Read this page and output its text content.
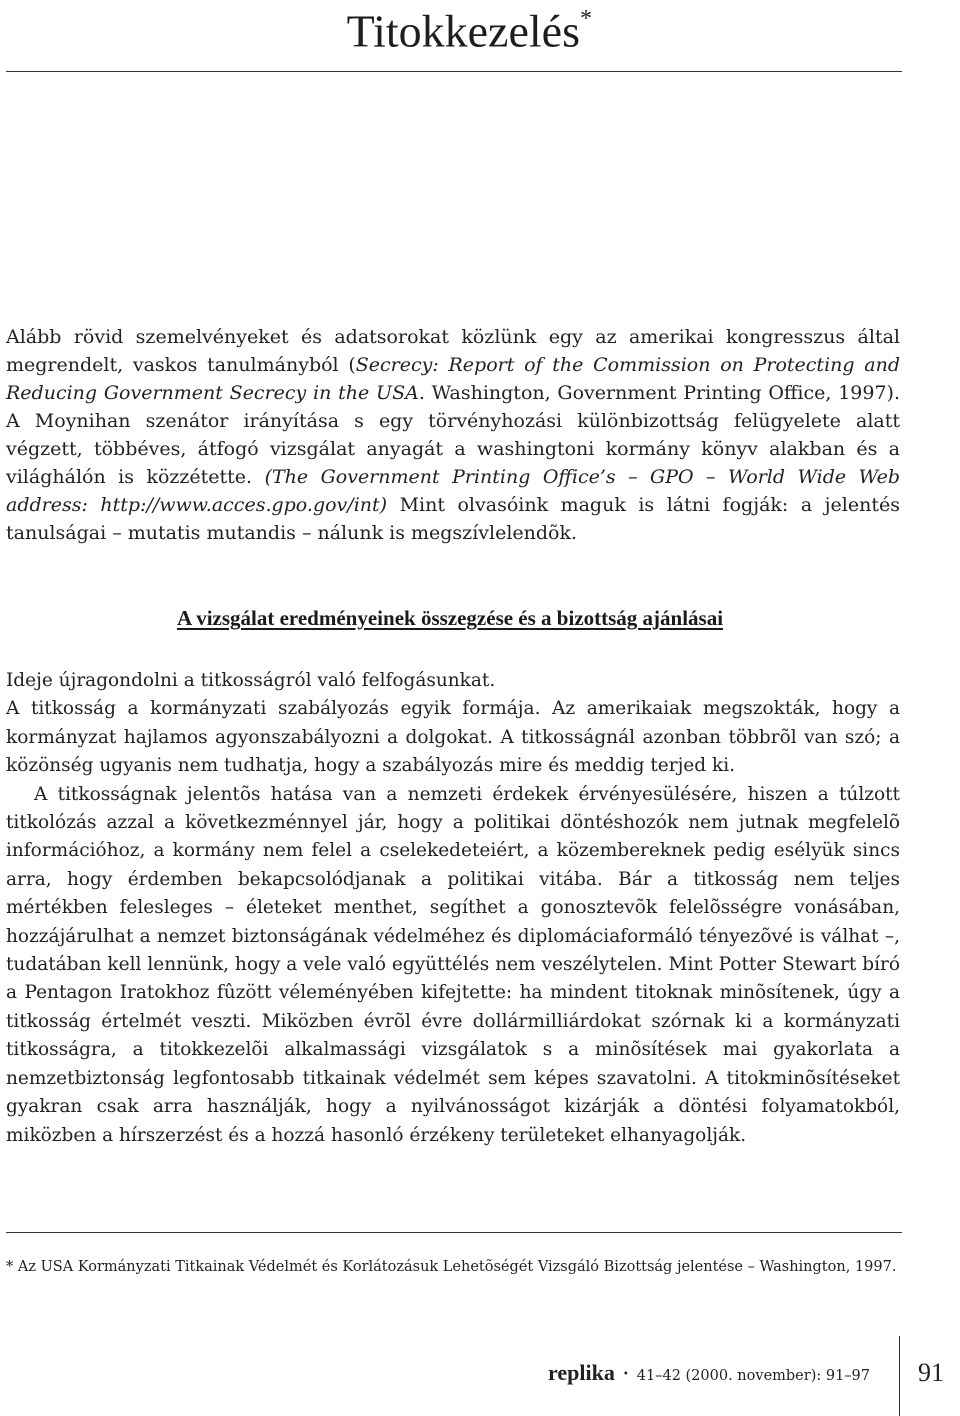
Titokkezelés*

Alább rövid szemelvényeket és adatsorokat közlünk egy az amerikai kongresszus által megrendelt, vaskos tanulmányból (Secrecy: Report of the Commission on Protecting and Reducing Government Secrecy in the USA. Washington, Government Printing Office, 1997). A Moynihan szenátor irányítása s egy törvényhozási különbizottság felügyelete alatt végzett, többéves, átfogó vizsgálat anyagát a washingtoni kormány könyv alakban és a világhálón is közzétette. (The Government Printing Office’s – GPO – World Wide Web address: http://www.acces.gpo.gov/int) Mint olvasóink maguk is látni fogják: a jelentés tanulságai – mutatis mutandis – nálunk is megszívlelendõk.

A vizsgálat eredményeinek összegzése és a bizottság ajánlásai

Ideje újragondolni a titkosságról való felfogásunkat.

A titkosság a kormányzati szabályozás egyik formája. Az amerikaiak megszokták, hogy a kormányzat hajlamos agyonszabályozni a dolgokat. A titkosságnál azonban többrõl van szó; a közönség ugyanis nem tudhatja, hogy a szabályozás mire és meddig terjed ki.

A titkosságnak jelentõs hatása van a nemzeti érdekek érvényesülésére, hiszen a túlzott titkolózás azzal a következménnyel jár, hogy a politikai döntéshozók nem jutnak megfelelõ információhoz, a kormány nem felel a cselekedeteiért, a közembereknek pedig esélyük sincs arra, hogy érdemben bekapcsolódjanak a politikai vitába. Bár a titkosság nem teljes mértékben felesleges – életeket menthet, segíthet a gonosztevõk felelõsségre vonásában, hozzájárulhat a nemzet biztonságának védelméhez és diplomáciaformáló tényezõvé is válhat –, tudatában kell lennünk, hogy a vele való együttélés nem veszélytelen. Mint Potter Stewart bíró a Pentagon Iratokhoz fûzött véleményében kifejtette: ha mindent titoknak minõsítenek, úgy a titkosság értelmét veszti. Miközben évrõl évre dollármilliárdokat szórnak ki a kormányzati titkosságra, a titokkezelõi alkalmassági vizsgálatok s a minõsítések mai gyakorlata a nemzetbiztonság legfontosabb titkainak védelmét sem képes szavatolni. A titokminõsítéseket gyakran csak arra használják, hogy a nyilvánosságot kizárják a döntési folyamatokból, miközben a hírszerzést és a hozzá hasonló érzékeny területeket elhanyagolják.

* Az USA Kormányzati Titkainak Védelmét és Korlátozásuk Lehetõségét Vizsgáló Bizottság jelentése – Washington, 1997.

replika • 41–42 (2000. november): 91–97 91
